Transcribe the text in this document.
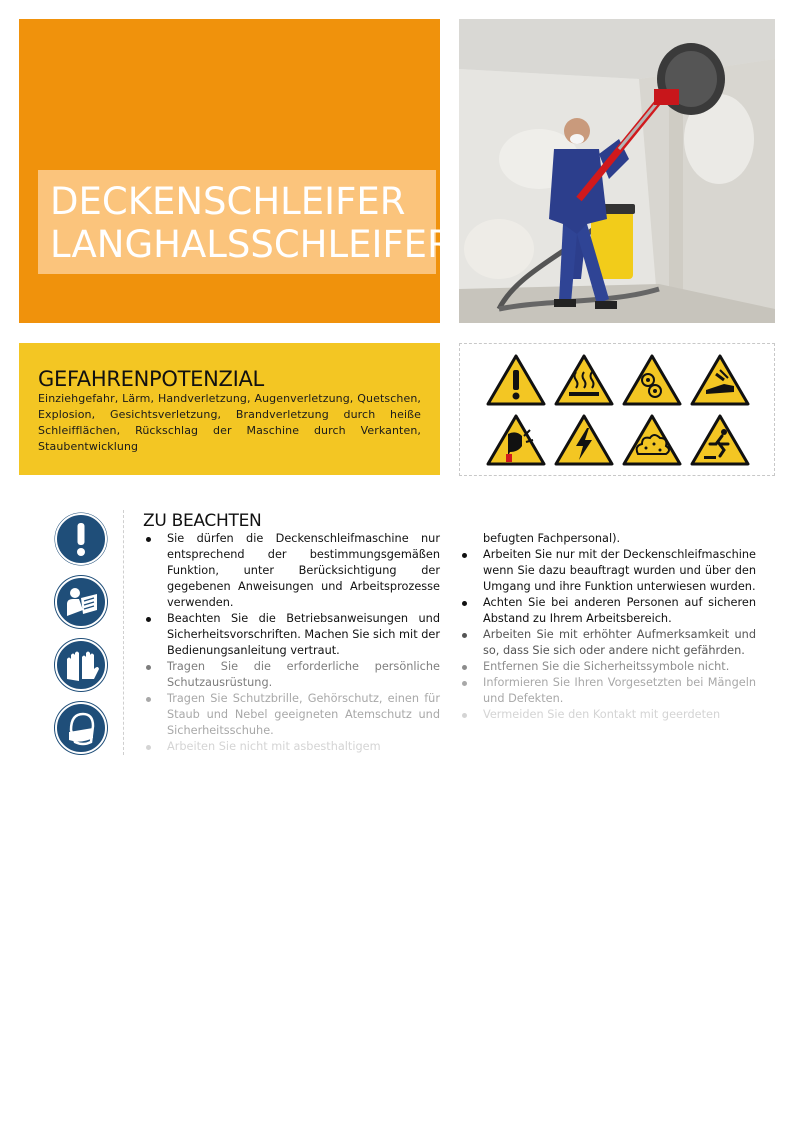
DECKENSCHLEIFER
LANGHALSSCHLEIFER
GEFAHRENPOTENZIAL

Einziehgefahr, Lärm, Handverletzung, Augenverletzung, Quetschen, Explosion, Gesichtsverletzung, Brandverletzung durch heiße Schleifflächen, Rückschlag der Maschine durch Verkanten, Staubentwicklung

ZU BEACHTEN
Sie dürfen die Deckenschleifmaschine nur entsprechend der bestimmungsgemäßen Funktion, unter Berücksichtigung der gegebenen Anweisungen und Arbeitsprozesse verwenden.
Beachten Sie die Betriebsanweisungen und Sicherheitsvorschriften. Machen Sie sich mit der Bedienungsanleitung vertraut.
Tragen Sie die erforderliche persönliche Schutzausrüstung.
Tragen Sie Schutzbrille, Gehörschutz, einen für Staub und Nebel geeigneten Atemschutz und Sicherheitsschuhe.
Arbeiten Sie nicht mit asbesthaltigem
befugten Fachpersonal).
Arbeiten Sie nur mit der Deckenschleifmaschine wenn Sie dazu beauftragt wurden und über den Umgang und ihre Funktion unterwiesen wurden.
Achten Sie bei anderen Personen auf sicheren Abstand zu Ihrem Arbeitsbereich.
Arbeiten Sie mit erhöhter Aufmerksamkeit und so, dass Sie sich oder andere nicht gefährden.
Entfernen Sie die Sicherheitssymbole nicht.
Informieren Sie Ihren Vorgesetzten bei Mängeln und Defekten.
Vermeiden Sie den Kontakt mit geerdeten
